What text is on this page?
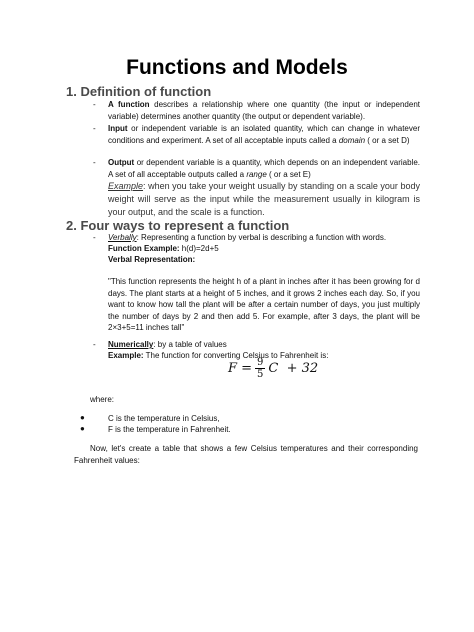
Functions and Models
1. Definition of function
- A function describes a relationship where one quantity (the input or independent variable) determines another quantity (the output or dependent variable).
- Input or independent variable is an isolated quantity, which can change in whatever conditions and experiment. A set of all acceptable inputs called a domain ( or a set D)
- Output or dependent variable is a quantity, which depends on an independent variable. A set of all acceptable outputs called a range ( or a set E)
Example: when you take your weight usually by standing on a scale your body weight will serve as the input while the measurement usually in kilogram is your output, and the scale is a function.
2. Four ways to represent a function
- Verbally: Representing a function by verbal is describing a function with words.
Function Example: h(d)=2d+5
Verbal Representation:
"This function represents the height h of a plant in inches after it has been growing for d days. The plant starts at a height of 5 inches, and it grows 2 inches each day. So, if you want to know how tall the plant will be after a certain number of days, you just multiply the number of days by 2 and then add 5. For example, after 3 days, the plant will be 2×3+5=11 inches tall"
- Numerically: by a table of values
Example: The function for converting Celsius to Fahrenheit is:
$F = \frac{9}{5}$ C  + 32
where:
●	C is the temperature in Celsius,
●	F is the temperature in Fahrenheit.
Now, let's create a table that shows a few Celsius temperatures and their corresponding Fahrenheit values:
